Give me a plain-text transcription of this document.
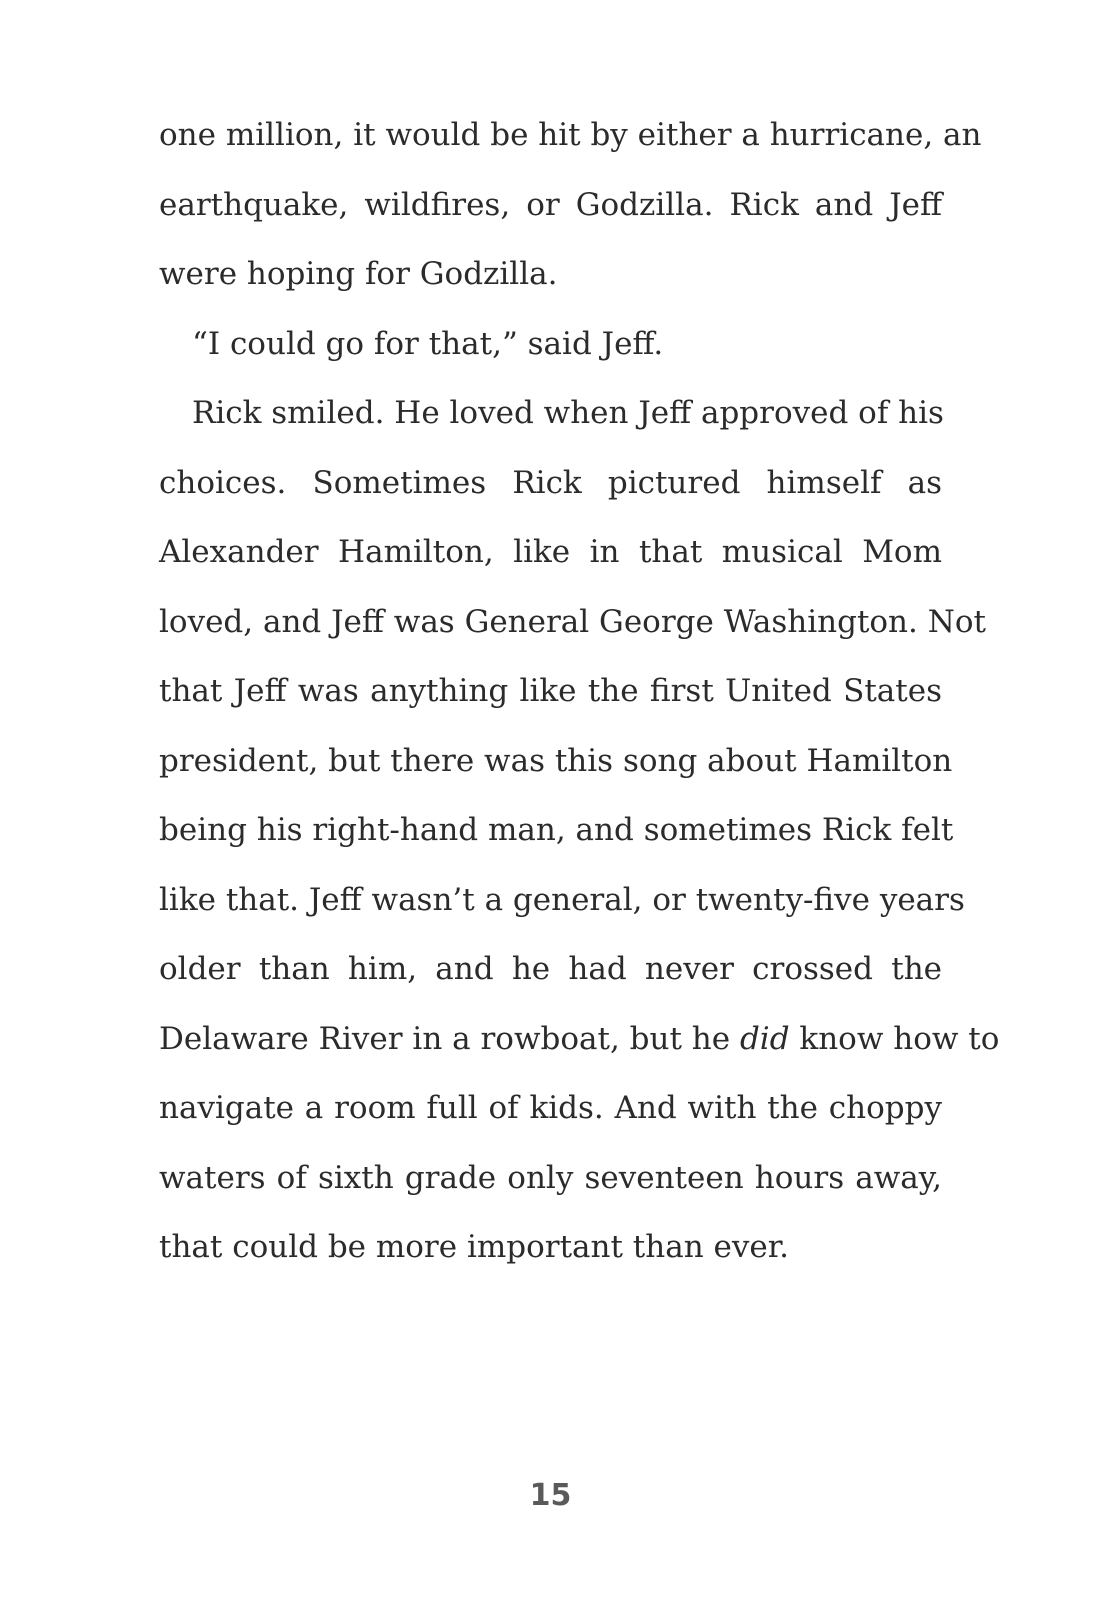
one million, it would be hit by either a hurricane, an
earthquake, wildfires, or Godzilla. Rick and Jeff
were hoping for Godzilla.
“I could go for that,” said Jeff.
Rick smiled. He loved when Jeff approved of his
choices. Sometimes Rick pictured himself as
Alexander Hamilton, like in that musical Mom
loved, and Jeff was General George Washington. Not
that Jeff was anything like the first United States
president, but there was this song about Hamilton
being his right-hand man, and sometimes Rick felt
like that. Jeff wasn’t a general, or twenty-five years
older than him, and he had never crossed the
Delaware River in a rowboat, but he did know how to
navigate a room full of kids. And with the choppy
waters of sixth grade only seventeen hours away,
that could be more important than ever.
15
